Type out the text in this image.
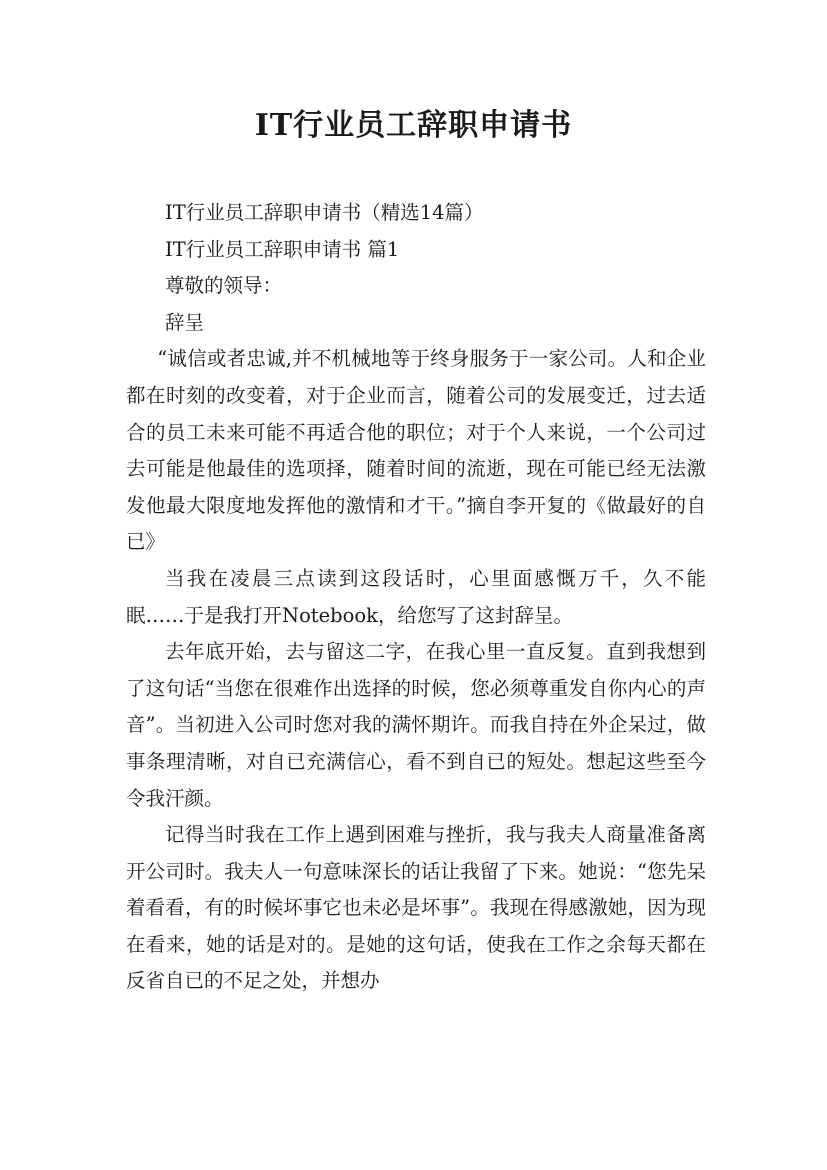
IT行业员工辞职申请书

IT行业员工辞职申请书（精选14篇）

IT行业员工辞职申请书 篇1

尊敬的领导：

辞呈

“诚信或者忠诚,并不机械地等于终身服务于一家公司。人和企业都在时刻的改变着，对于企业而言，随着公司的发展变迁，过去适合的员工未来可能不再适合他的职位；对于个人来说，一个公司过去可能是他最佳的选项择，随着时间的流逝，现在可能已经无法激发他最大限度地发挥他的激情和才干。”摘自李开复的《做最好的自已》

当我在凌晨三点读到这段话时，心里面感慨万千，久不能眠……于是我打开Notebook，给您写了这封辞呈。

去年底开始，去与留这二字，在我心里一直反复。直到我想到了这句话“当您在很难作出选择的时候，您必须尊重发自你内心的声音”。当初进入公司时您对我的满怀期许。而我自持在外企呆过，做事条理清晰，对自已充满信心，看不到自已的短处。想起这些至今令我汗颜。

记得当时我在工作上遇到困难与挫折，我与我夫人商量准备离开公司时。我夫人一句意味深长的话让我留了下来。她说：“您先呆着看看，有的时候坏事它也未必是坏事”。我现在得感激她，因为现在看来，她的话是对的。是她的这句话，使我在工作之余每天都在反省自已的不足之处，并想办
